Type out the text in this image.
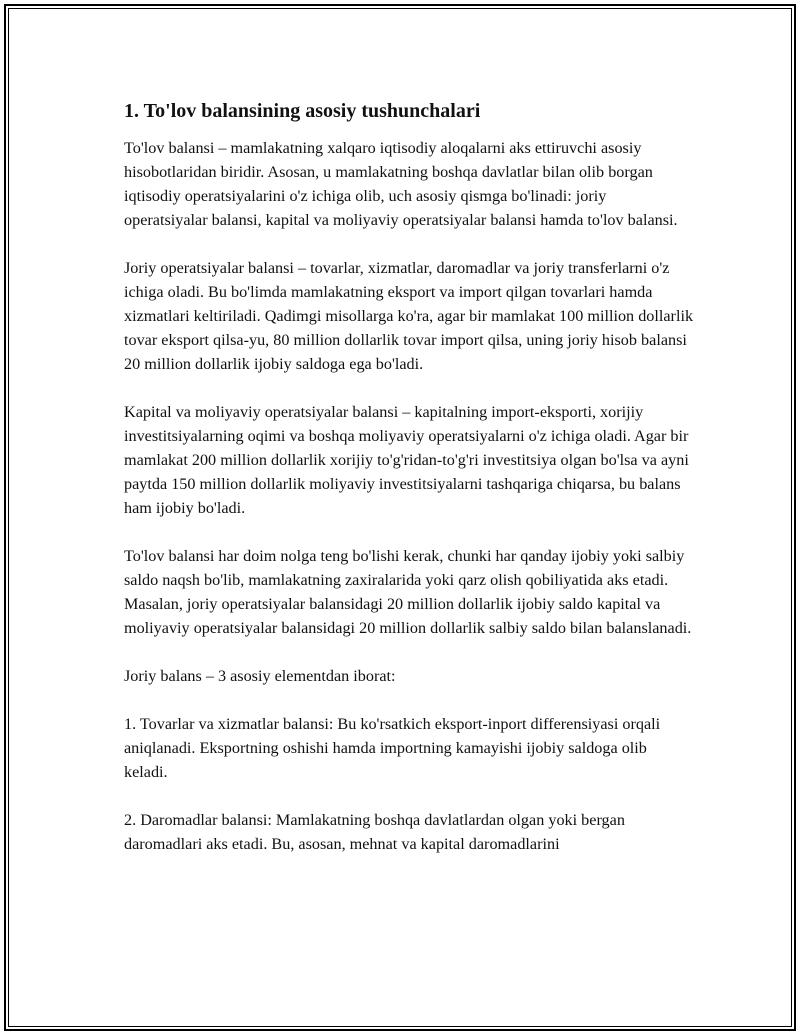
1. To'lov balansining asosiy tushunchalari

To'lov balansi – mamlakatning xalqaro iqtisodiy aloqalarni aks ettiruvchi asosiy hisobotlaridan biridir. Asosan, u mamlakatning boshqa davlatlar bilan olib borgan iqtisodiy operatsiyalarini o'z ichiga olib, uch asosiy qismga bo'linadi: joriy operatsiyalar balansi, kapital va moliyaviy operatsiyalar balansi hamda to'lov balansi.

Joriy operatsiyalar balansi – tovarlar, xizmatlar, daromadlar va joriy transferlarni o'z ichiga oladi. Bu bo'limda mamlakatning eksport va import qilgan tovarlari hamda xizmatlari keltiriladi. Qadimgi misollarga ko'ra, agar bir mamlakat 100 million dollarlik tovar eksport qilsa-yu, 80 million dollarlik tovar import qilsa, uning joriy hisob balansi 20 million dollarlik ijobiy saldoga ega bo'ladi.

Kapital va moliyaviy operatsiyalar balansi – kapitalning import-eksporti, xorijiy investitsiyalarning oqimi va boshqa moliyaviy operatsiyalarni o'z ichiga oladi. Agar bir mamlakat 200 million dollarlik xorijiy to'g'ridan-to'g'ri investitsiya olgan bo'lsa va ayni paytda 150 million dollarlik moliyaviy investitsiyalarni tashqariga chiqarsa, bu balans ham ijobiy bo'ladi.

To'lov balansi har doim nolga teng bo'lishi kerak, chunki har qanday ijobiy yoki salbiy saldo naqsh bo'lib, mamlakatning zaxiralarida yoki qarz olish qobiliyatida aks etadi. Masalan, joriy operatsiyalar balansidagi 20 million dollarlik ijobiy saldo kapital va moliyaviy operatsiyalar balansidagi 20 million dollarlik salbiy saldo bilan balanslanadi.

Joriy balans – 3 asosiy elementdan iborat:

1. Tovarlar va xizmatlar balansi: Bu ko'rsatkich eksport-inport differensiyasi orqali aniqlanadi. Eksportning oshishi hamda importning kamayishi ijobiy saldoga olib keladi.

2. Daromadlar balansi: Mamlakatning boshqa davlatlardan olgan yoki bergan daromadlari aks etadi. Bu, asosan, mehnat va kapital daromadlarini
